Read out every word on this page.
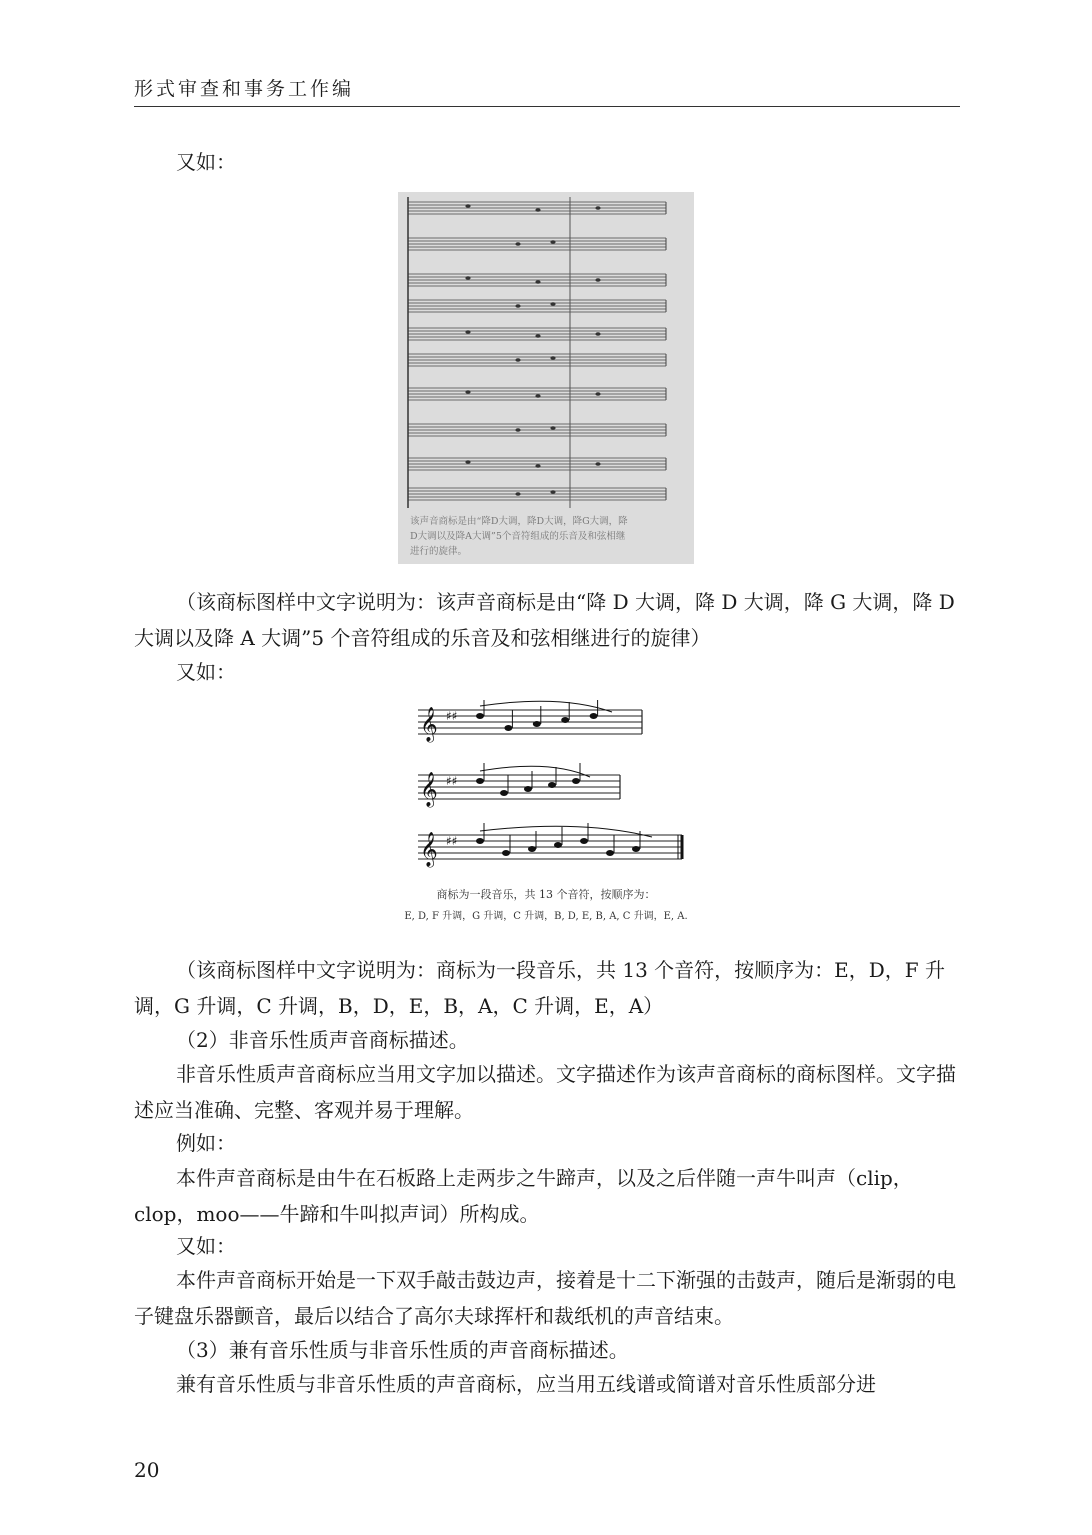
形式审查和事务工作编

又如：

该声音商标是由“降D大调，降D大调，降G大调，降
D大调以及降A大调”5个音符组成的乐音及和弦相继
进行的旋律。

（该商标图样中文字说明为：该声音商标是由“降 D 大调，降 D 大调，降 G 大调，降 D 大调以及降 A 大调”5 个音符组成的乐音及和弦相继进行的旋律）

又如：

𝄞 ♯♯
𝄞 ♯♯
𝄞 ♯♯
商标为一段音乐，共 13 个音符，按顺序为：
E, D, F 升调，G 升调，C 升调，B, D, E, B, A, C 升调，E, A.

（该商标图样中文字说明为：商标为一段音乐，共 13 个音符，按顺序为：E，D，F 升调，G 升调，C 升调，B，D，E，B，A，C 升调，E，A）

（2）非音乐性质声音商标描述。

非音乐性质声音商标应当用文字加以描述。文字描述作为该声音商标的商标图样。文字描述应当准确、完整、客观并易于理解。

例如：

本件声音商标是由牛在石板路上走两步之牛蹄声，以及之后伴随一声牛叫声（clip，clop，moo——牛蹄和牛叫拟声词）所构成。

又如：

本件声音商标开始是一下双手敲击鼓边声，接着是十二下渐强的击鼓声，随后是渐弱的电子键盘乐器颤音，最后以结合了高尔夫球挥杆和裁纸机的声音结束。

（3）兼有音乐性质与非音乐性质的声音商标描述。

兼有音乐性质与非音乐性质的声音商标，应当用五线谱或简谱对音乐性质部分进

20
